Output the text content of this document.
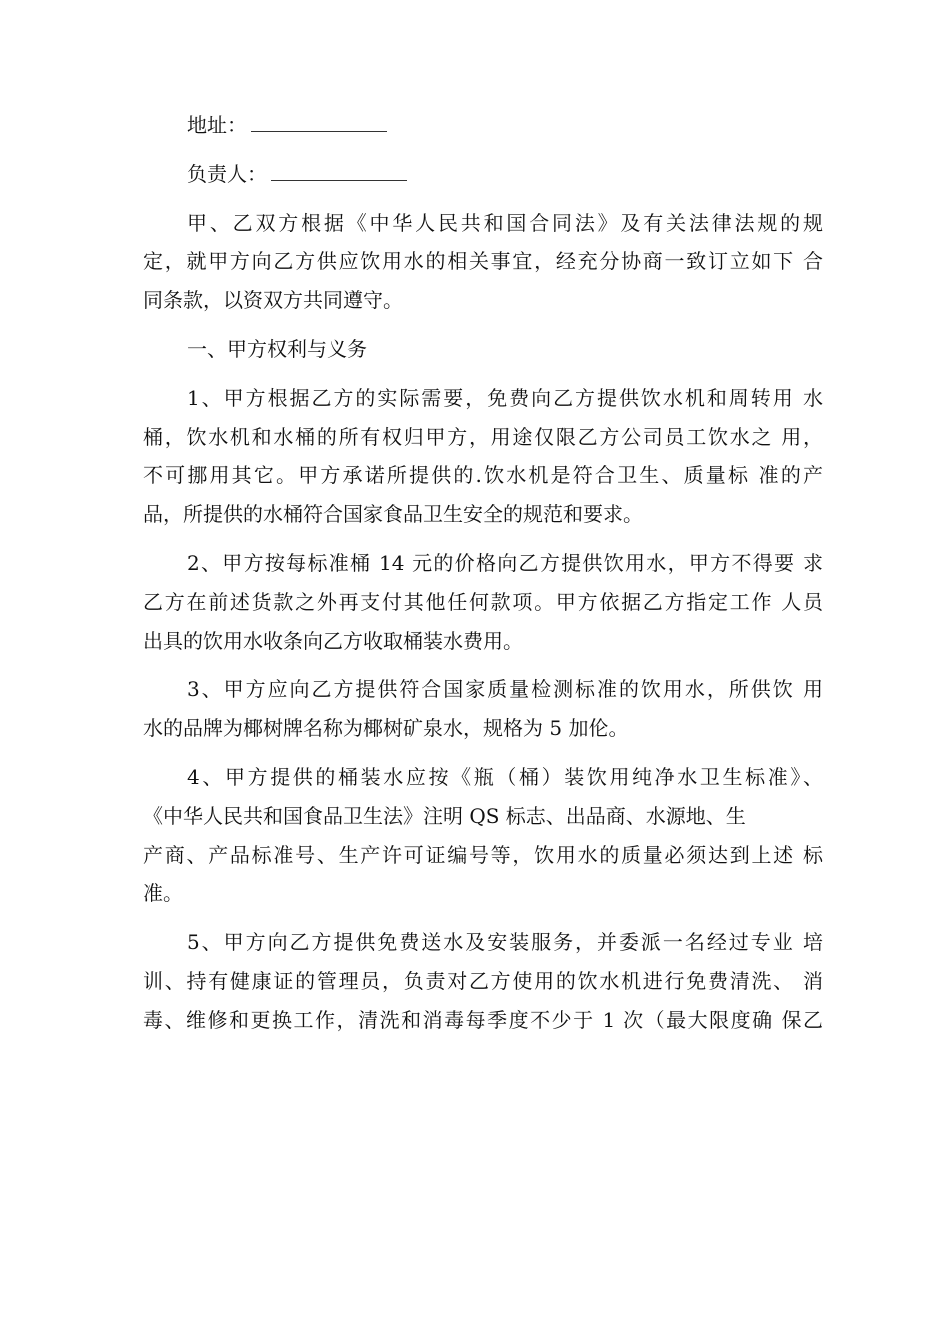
地址：
负责人：
甲、乙双方根据《中华人民共和国合同法》及有关法律法规的规
定，就甲方向乙方供应饮用水的相关事宜，经充分协商一致订立如下 合
同条款，以资双方共同遵守。
一、甲方权利与义务
1、甲方根据乙方的实际需要，免费向乙方提供饮水机和周转用 水
桶，饮水机和水桶的所有权归甲方，用途仅限乙方公司员工饮水之 用，
不可挪用其它。甲方承诺所提供的.饮水机是符合卫生、质量标 准的产
品，所提供的水桶符合国家食品卫生安全的规范和要求。
2、甲方按每标准桶 14 元的价格向乙方提供饮用水，甲方不得要 求
乙方在前述货款之外再支付其他任何款项。甲方依据乙方指定工作 人员
出具的饮用水收条向乙方收取桶装水费用。
3、甲方应向乙方提供符合国家质量检测标准的饮用水，所供饮 用
水的品牌为椰树牌名称为椰树矿泉水，规格为 5 加伦。
4、甲方提供的桶装水应按《瓶（桶）装饮用纯净水卫生标准》、
《中华人民共和国食品卫生法》注明 QS 标志、出品商、水源地、生
产商、产品标准号、生产许可证编号等，饮用水的质量必须达到上述 标
准。
5、甲方向乙方提供免费送水及安装服务，并委派一名经过专业 培
训、持有健康证的管理员，负责对乙方使用的饮水机进行免费清洗、 消
毒、维修和更换工作，清洗和消毒每季度不少于 1 次（最大限度确 保乙
